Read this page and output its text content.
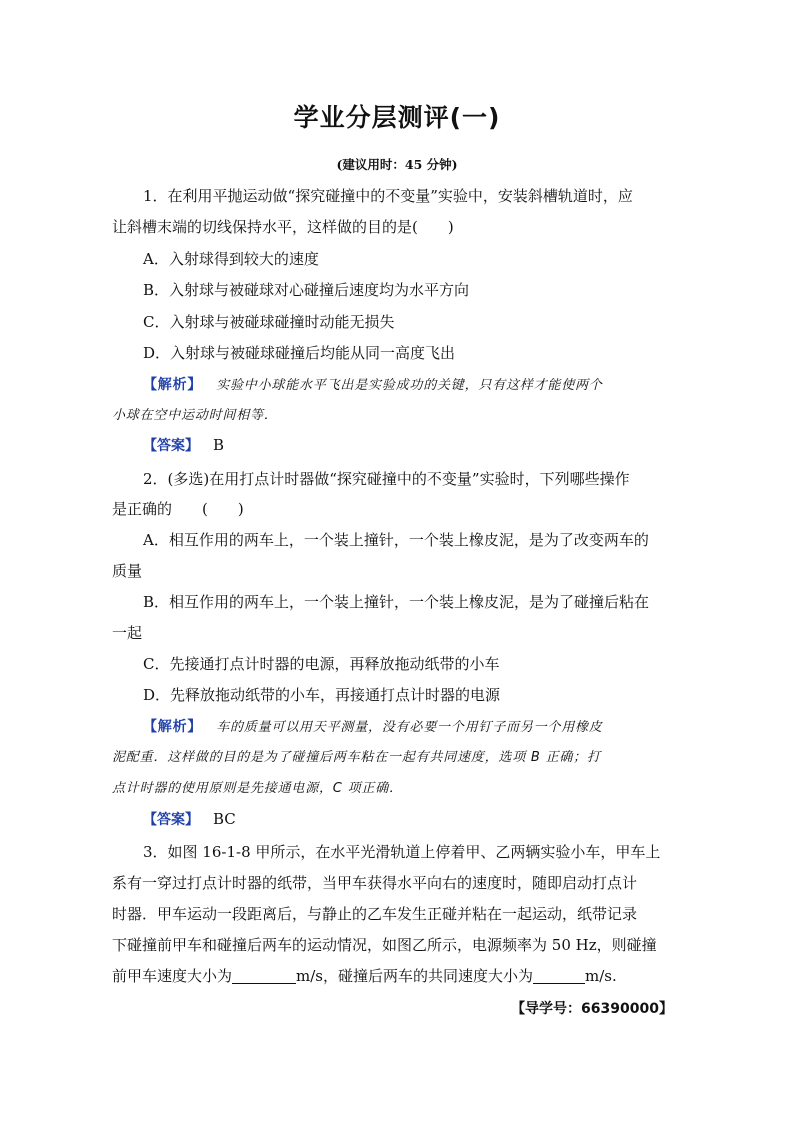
学业分层测评(一)
(建议用时：45 分钟)
1．在利用平抛运动做“探究碰撞中的不变量”实验中，安装斜槽轨道时，应
让斜槽末端的切线保持水平，这样做的目的是(　　)
A．入射球得到较大的速度
B．入射球与被碰球对心碰撞后速度均为水平方向
C．入射球与被碰球碰撞时动能无损失
D．入射球与被碰球碰撞后均能从同一高度飞出
【解析】 实验中小球能水平飞出是实验成功的关键，只有这样才能使两个
小球在空中运动时间相等．
【答案】 B
2．(多选)在用打点计时器做“探究碰撞中的不变量”实验时，下列哪些操作
是正确的　　(　　)
A．相互作用的两车上，一个装上撞针，一个装上橡皮泥，是为了改变两车的
质量
B．相互作用的两车上，一个装上撞针，一个装上橡皮泥，是为了碰撞后粘在
一起
C．先接通打点计时器的电源，再释放拖动纸带的小车
D．先释放拖动纸带的小车，再接通打点计时器的电源
【解析】 车的质量可以用天平测量，没有必要一个用钉子而另一个用橡皮
泥配重．这样做的目的是为了碰撞后两车粘在一起有共同速度，选项 B 正确；打
点计时器的使用原则是先接通电源，C 项正确．
【答案】 BC
3．如图 16-1-8 甲所示，在水平光滑轨道上停着甲、乙两辆实验小车，甲车上
系有一穿过打点计时器的纸带，当甲车获得水平向右的速度时，随即启动打点计
时器．甲车运动一段距离后，与静止的乙车发生正碰并粘在一起运动，纸带记录
下碰撞前甲车和碰撞后两车的运动情况，如图乙所示，电源频率为 50 Hz，则碰撞
前甲车速度大小为	m/s，碰撞后两车的共同速度大小为	m/s.
【导学号：66390000】
